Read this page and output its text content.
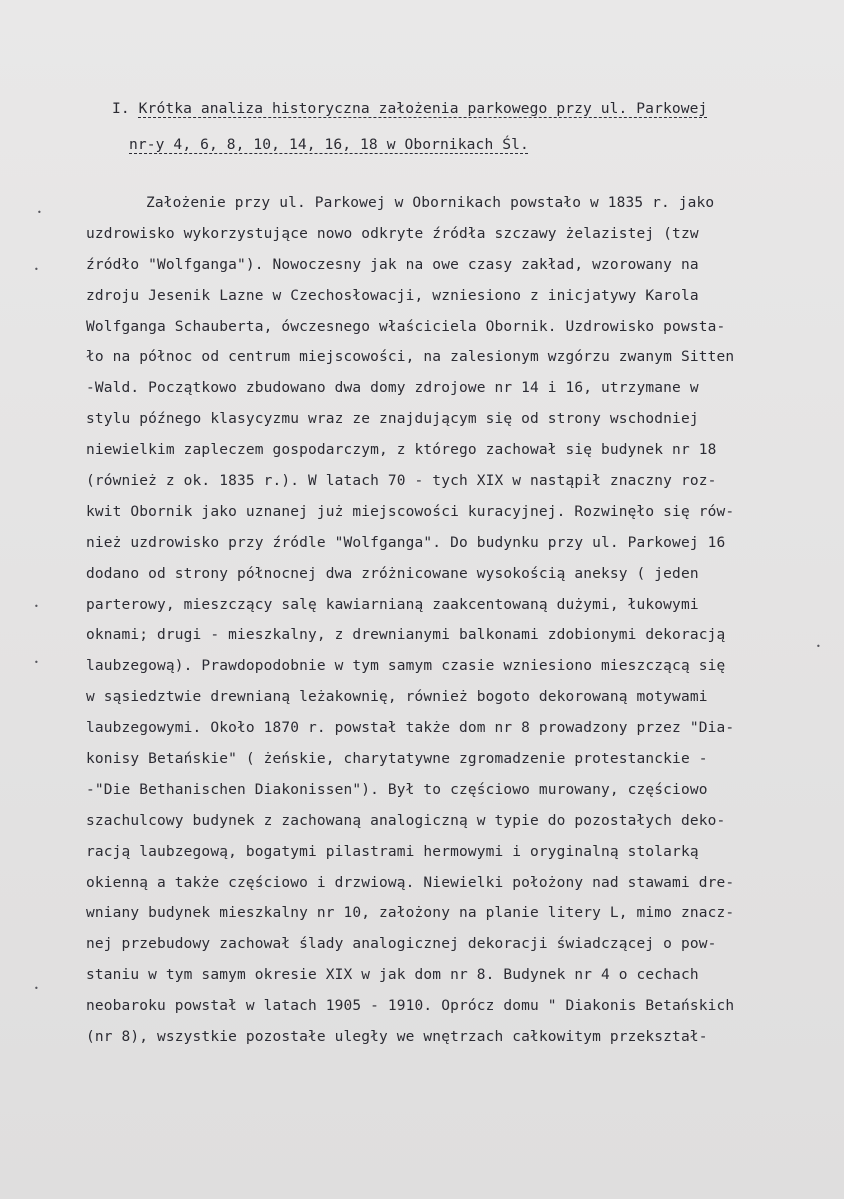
I. Krótka analiza historyczna założenia parkowego przy ul. Parkowej
nr-y 4, 6, 8, 10, 14, 16, 18 w Obornikach Śl.
Założenie przy ul. Parkowej w Obornikach powstało w 1835 r. jako
uzdrowisko wykorzystujące nowo odkryte źródła szczawy żelazistej (tzw
źródło "Wolfganga"). Nowoczesny jak na owe czasy zakład, wzorowany na
zdroju Jesenik Lazne w Czechosłowacji, wzniesiono z inicjatywy Karola
Wolfganga Schauberta, ówczesnego właściciela Obornik. Uzdrowisko powsta-
ło na północ od centrum miejscowości, na zalesionym wzgórzu zwanym Sitten
-Wald. Początkowo zbudowano dwa domy zdrojowe nr 14 i 16, utrzymane w
stylu późnego klasycyzmu wraz ze znajdującym się od strony wschodniej
niewielkim zapleczem gospodarczym, z którego zachował się budynek nr 18
(również z ok. 1835 r.). W latach 70 - tych XIX w nastąpił znaczny roz-
kwit Obornik jako uznanej już miejscowości kuracyjnej. Rozwinęło się rów-
nież uzdrowisko przy źródle "Wolfganga". Do budynku przy ul. Parkowej 16
dodano od strony północnej dwa zróżnicowane wysokością aneksy ( jeden
parterowy, mieszczący salę kawiarnianą zaakcentowaną dużymi, łukowymi
oknami; drugi - mieszkalny, z drewnianymi balkonami zdobionymi dekoracją
laubzegową). Prawdopodobnie w tym samym czasie wzniesiono mieszczącą się
w sąsiedztwie drewnianą leżakownię, również bogoto dekorowaną motywami
laubzegowymi. Około 1870 r. powstał także dom nr 8 prowadzony przez "Dia-
konisy Betańskie" ( żeńskie, charytatywne zgromadzenie protestanckie -
-"Die Bethanischen Diakonissen"). Był to częściowo murowany, częściowo
szachulcowy budynek z zachowaną analogiczną w typie do pozostałych deko-
racją laubzegową, bogatymi pilastrami hermowymi i oryginalną stolarką
okienną a także częściowo i drzwiową. Niewielki położony nad stawami dre-
wniany budynek mieszkalny nr 10, założony na planie litery L, mimo znacz-
nej przebudowy zachował ślady analogicznej dekoracji świadczącej o pow-
staniu w tym samym okresie XIX w jak dom nr 8. Budynek nr 4 o cechach
neobaroku powstał w latach 1905 - 1910. Oprócz domu " Diakonis Betańskich
(nr 8), wszystkie pozostałe uległy we wnętrzach całkowitym przekształ-
•
•
•
•
•
•
